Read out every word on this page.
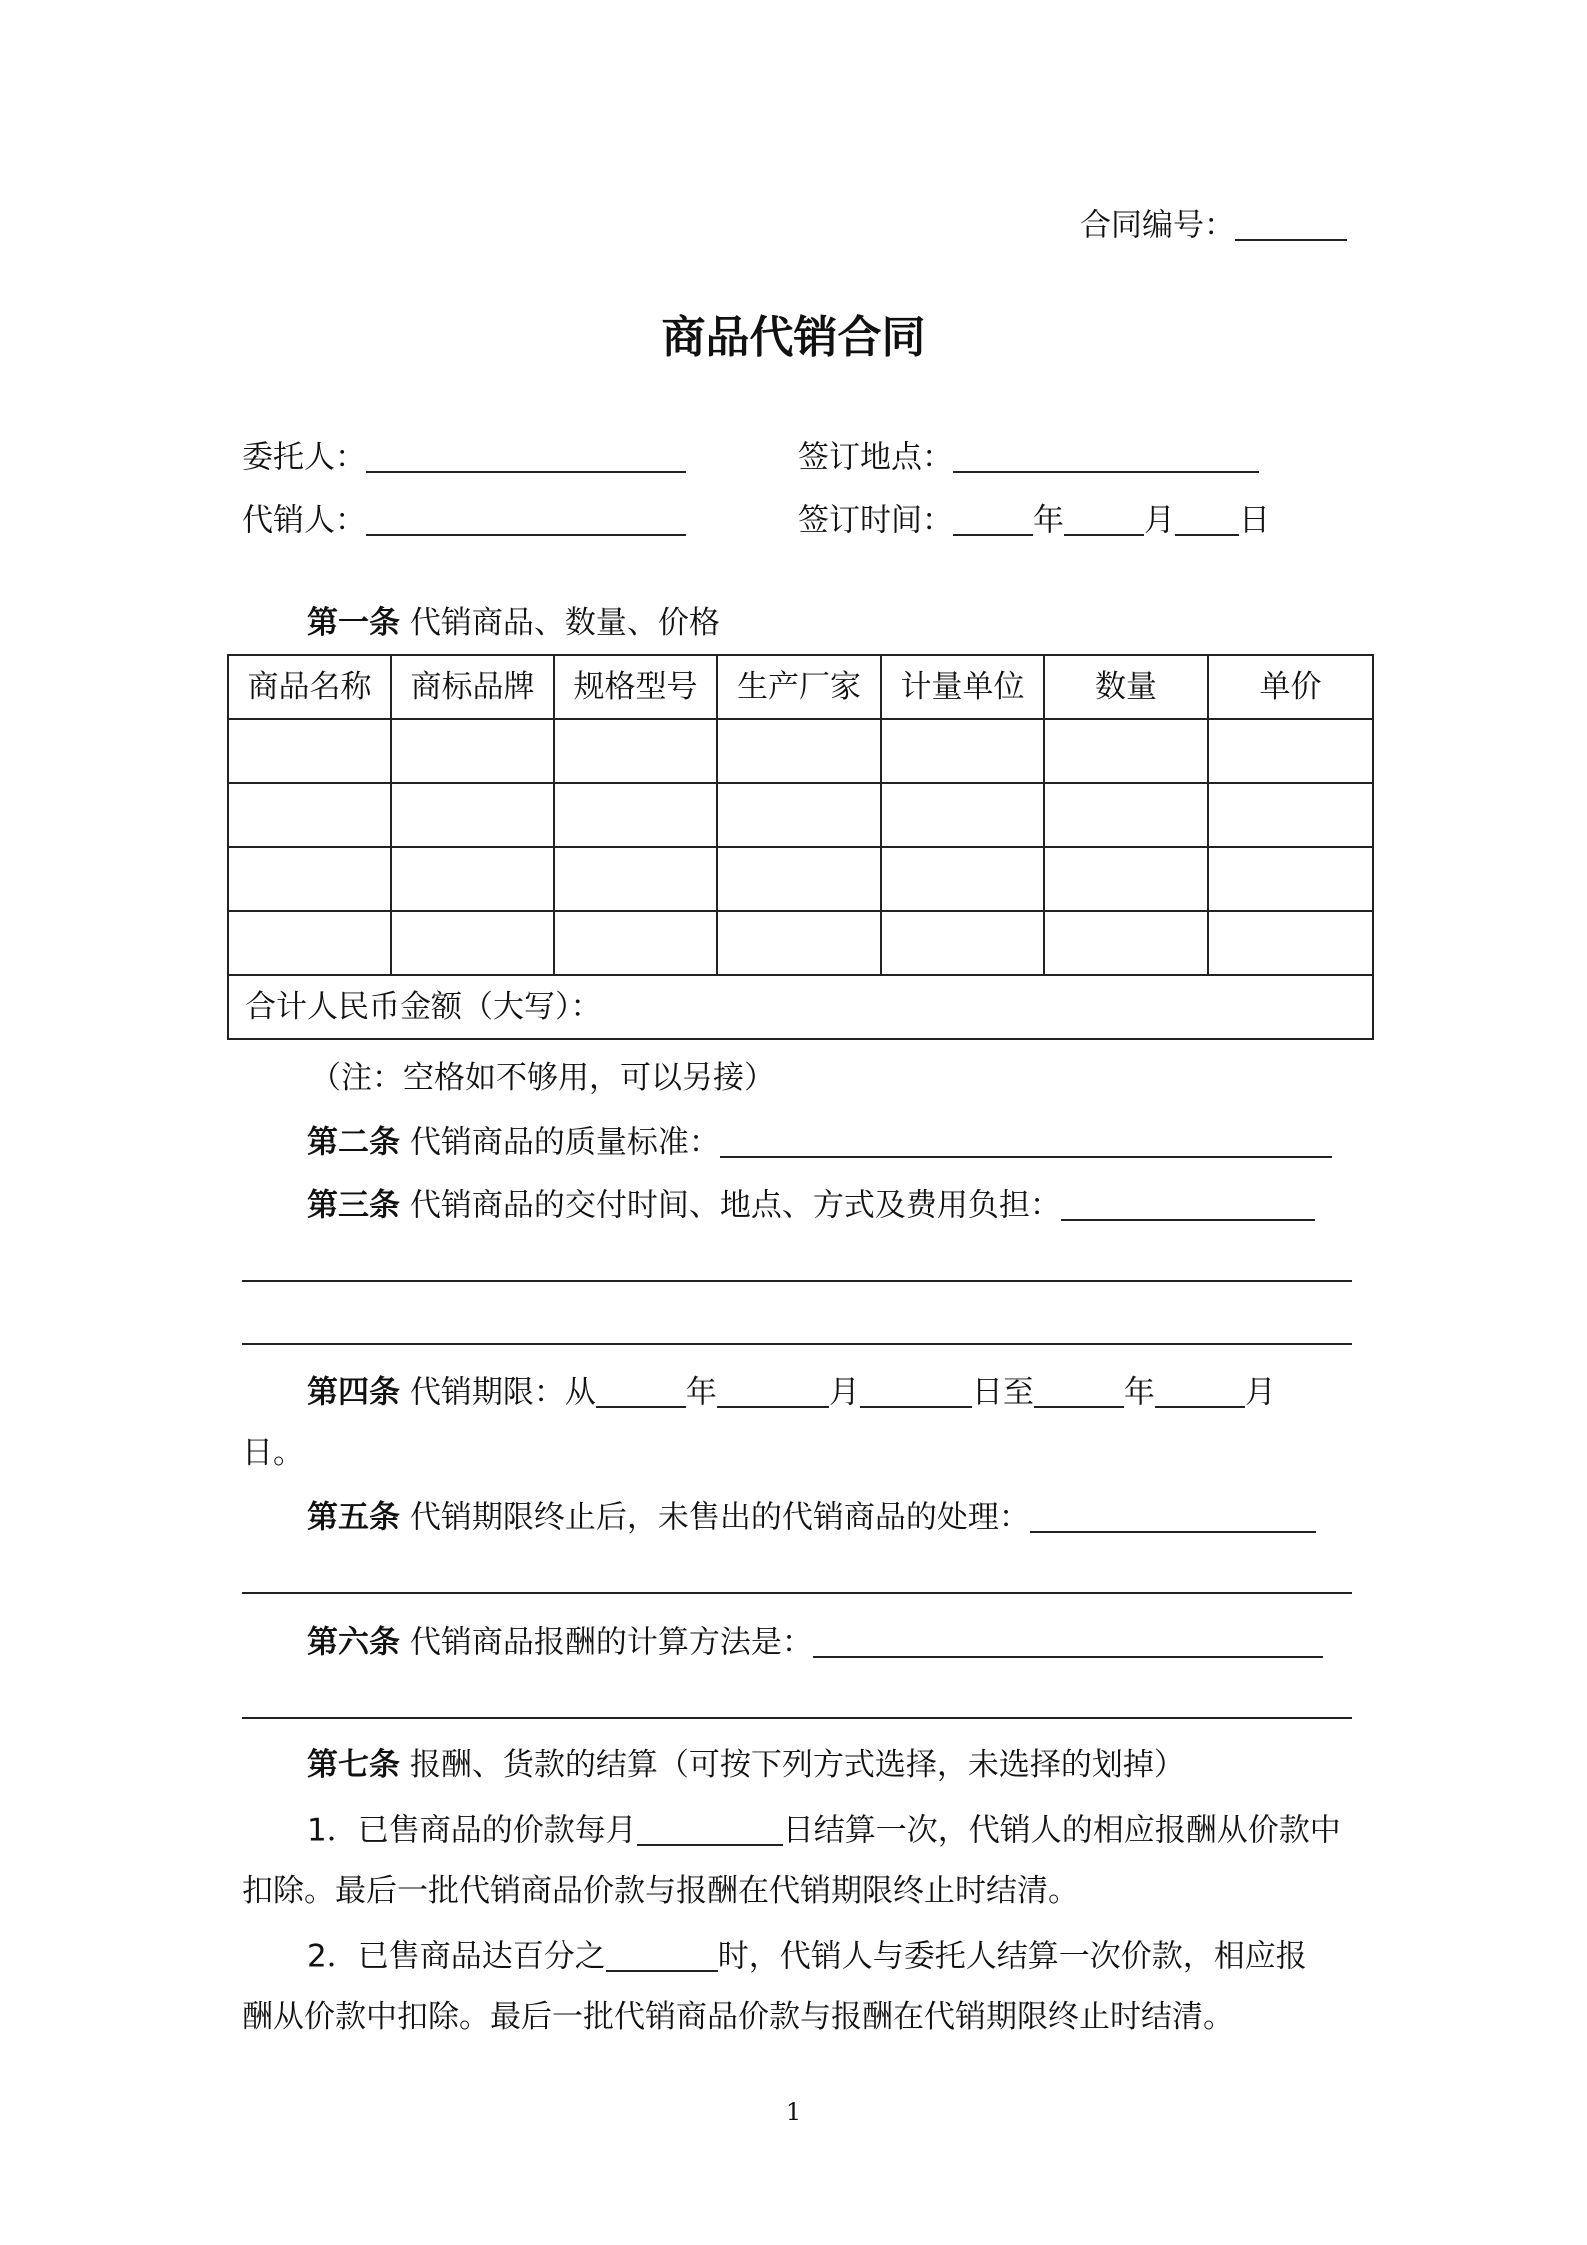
合同编号：
商品代销合同
委托人：	签订地点：
代销人：	签订时间：	年	月 日
第一条 代销商品、数量、价格
商品名称	商标品牌	规格型号	生产厂家	计量单位	数量	单价

合计人民币金额（大写）：						
（注：空格如不够用，可以另接）
第二条 代销商品的质量标准：
第三条 代销商品的交付时间、地点、方式及费用负担：
第四条 代销期限：从	年	月	日至	年	月
日。
第五条 代销期限终止后，未售出的代销商品的处理：
第六条 代销商品报酬的计算方法是：
第七条 报酬、货款的结算（可按下列方式选择，未选择的划掉）
1．已售商品的价款每月	日结算一次，代销人的相应报酬从价款中
扣除。最后一批代销商品价款与报酬在代销期限终止时结清。
2．已售商品达百分之	时，代销人与委托人结算一次价款，相应报
酬从价款中扣除。最后一批代销商品价款与报酬在代销期限终止时结清。
1
